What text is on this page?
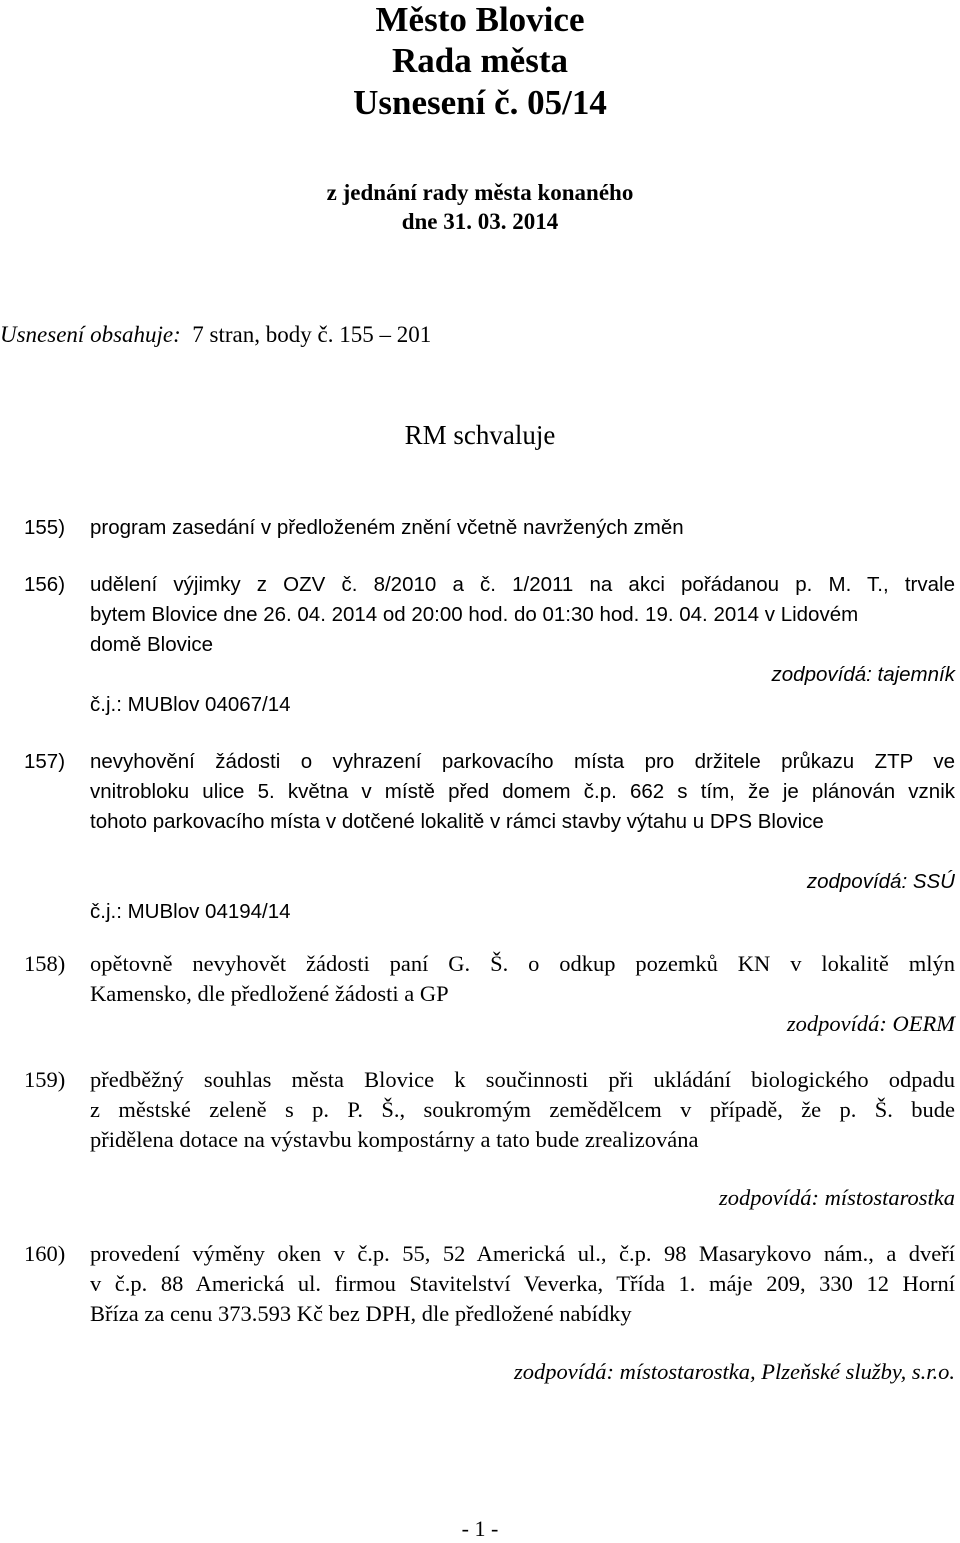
Město Blovice
Rada města
Usnesení č. 05/14
z jednání rady města konaného
dne 31. 03. 2014
Usnesení obsahuje: 7 stran, body č. 155 – 201
RM schvaluje
155)	program zasedání v předloženém znění včetně navržených změn
156)	udělení výjimky z OZV č. 8/2010 a č. 1/2011 na akci pořádanou p. M. T., trvale
bytem Blovice dne 26. 04. 2014 od 20:00 hod. do 01:30 hod. 19. 04. 2014 v Lidovém
domě Blovice
zodpovídá: tajemník
č.j.: MUBlov 04067/14
157)	nevyhovění žádosti o vyhrazení parkovacího místa pro držitele průkazu ZTP ve
vnitrobloku ulice 5. května v místě před domem č.p. 662 s tím, že je plánován vznik
tohoto parkovacího místa v dotčené lokalitě v rámci stavby výtahu u DPS Blovice
zodpovídá: SSÚ
č.j.: MUBlov 04194/14
158)	opětovně nevyhovět žádosti paní G. Š. o odkup pozemků KN v lokalitě mlýn
Kamensko, dle předložené žádosti a GP
zodpovídá: OERM
159)	předběžný souhlas města Blovice k součinnosti při ukládání biologického odpadu
z městské zeleně s p. P. Š., soukromým zemědělcem v případě, že p. Š. bude
přidělena dotace na výstavbu kompostárny a tato bude zrealizována
zodpovídá: místostarostka
160)	provedení výměny oken v č.p. 55, 52 Americká ul., č.p. 98 Masarykovo nám., a dveří
v č.p. 88 Americká ul. firmou Stavitelství Veverka, Třída 1. máje 209, 330 12 Horní
Bříza za cenu 373.593 Kč bez DPH, dle předložené nabídky
zodpovídá: místostarostka, Plzeňské služby, s.r.o.
- 1 -
